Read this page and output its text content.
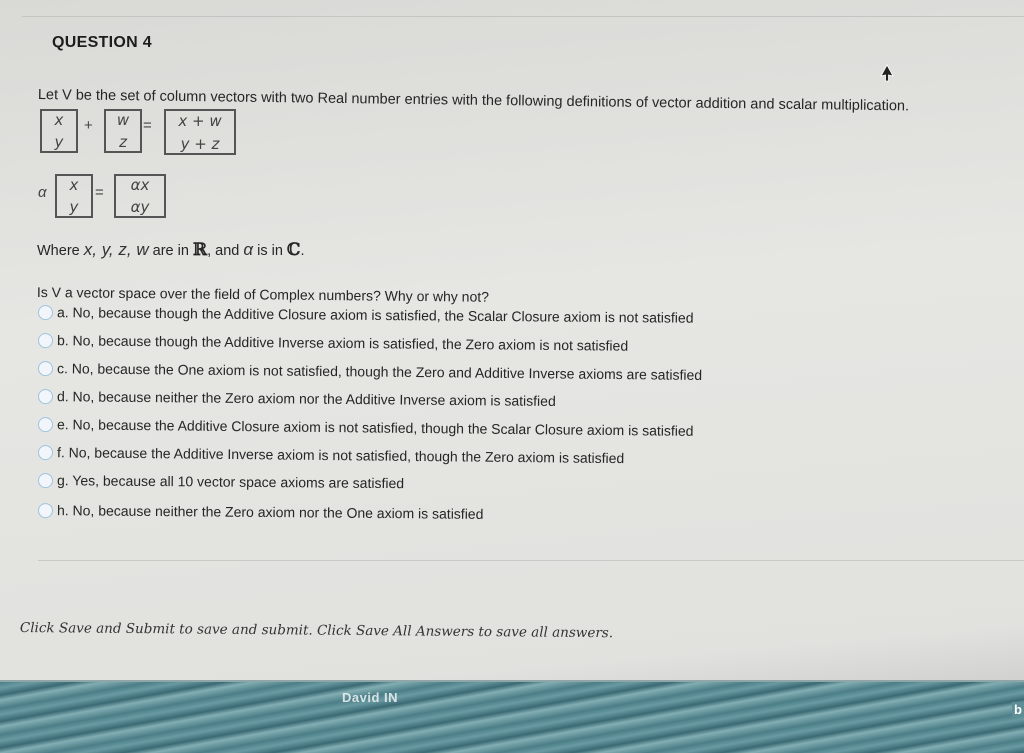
QUESTION 4
Let V be the set of column vectors with two Real number entries with the following definitions of vector addition and scalar multiplication.
x
y
+ w
z
= x + w
y + z
α x
y
= αx
αy
Where x, y, z, w are in ℝ, and α is in ℂ.
Is V a vector space over the field of Complex numbers? Why or why not?
a. No, because though the Additive Closure axiom is satisfied, the Scalar Closure axiom is not satisfied
b. No, because though the Additive Inverse axiom is satisfied, the Zero axiom is not satisfied
c. No, because the One axiom is not satisfied, though the Zero and Additive Inverse axioms are satisfied
d. No, because neither the Zero axiom nor the Additive Inverse axiom is satisfied
e. No, because the Additive Closure axiom is not satisfied, though the Scalar Closure axiom is satisfied
f. No, because the Additive Inverse axiom is not satisfied, though the Zero axiom is satisfied
g. Yes, because all 10 vector space axioms are satisfied
h. No, because neither the Zero axiom nor the One axiom is satisfied
Click Save and Submit to save and submit. Click Save All Answers to save all answers.
David IN
b
